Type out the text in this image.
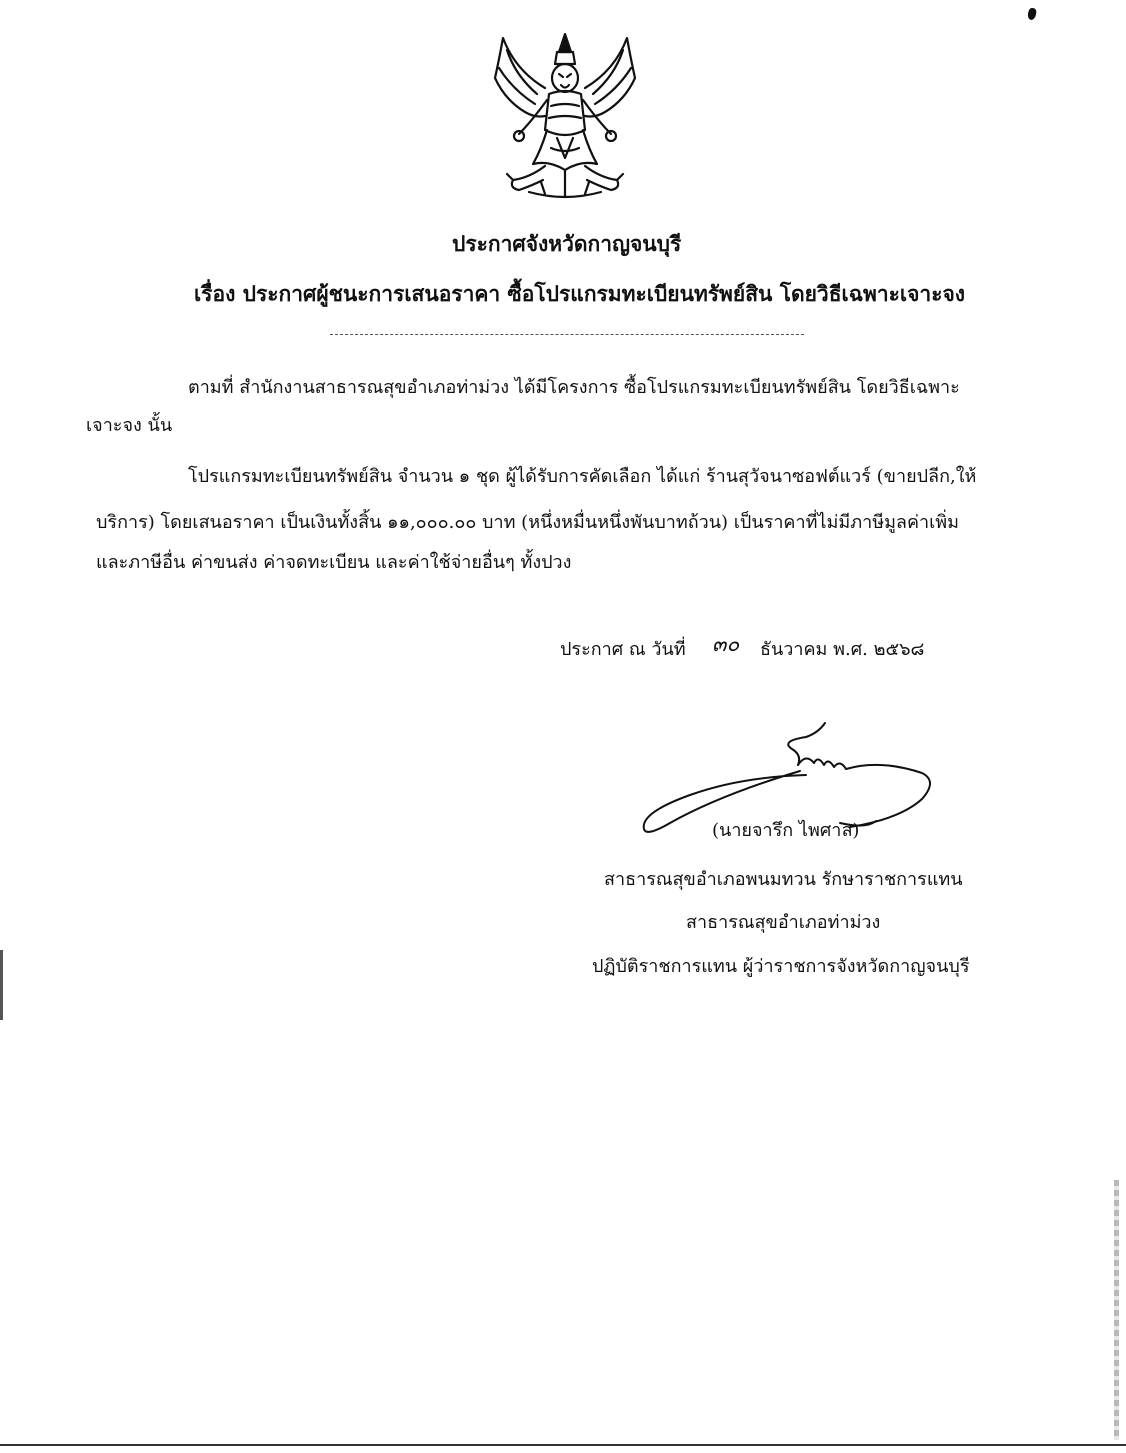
ประกาศจังหวัดกาญจนบุรี
เรื่อง ประกาศผู้ชนะการเสนอราคา ซื้อโปรแกรมทะเบียนทรัพย์สิน โดยวิธีเฉพาะเจาะจง
ตามที่ สำนักงานสาธารณสุขอำเภอท่าม่วง ได้มีโครงการ ซื้อโปรแกรมทะเบียนทรัพย์สิน โดยวิธีเฉพาะ
เจาะจง นั้น
โปรแกรมทะเบียนทรัพย์สิน จำนวน ๑ ชุด ผู้ได้รับการคัดเลือก ได้แก่ ร้านสุวัจนาซอฟต์แวร์ (ขายปลีก,ให้
บริการ) โดยเสนอราคา เป็นเงินทั้งสิ้น ๑๑,๐๐๐.๐๐ บาท (หนึ่งหมื่นหนึ่งพันบาทถ้วน) เป็นราคาที่ไม่มีภาษีมูลค่าเพิ่ม
และภาษีอื่น ค่าขนส่ง ค่าจดทะเบียน และค่าใช้จ่ายอื่นๆ ทั้งปวง
ประกาศ ณ วันที่ ๓๐ ธันวาคม พ.ศ. ๒๕๖๘
(นายจารึก ไพศาล)
สาธารณสุขอำเภอพนมทวน รักษาราชการแทน
สาธารณสุขอำเภอท่าม่วง
ปฏิบัติราชการแทน ผู้ว่าราชการจังหวัดกาญจนบุรี
